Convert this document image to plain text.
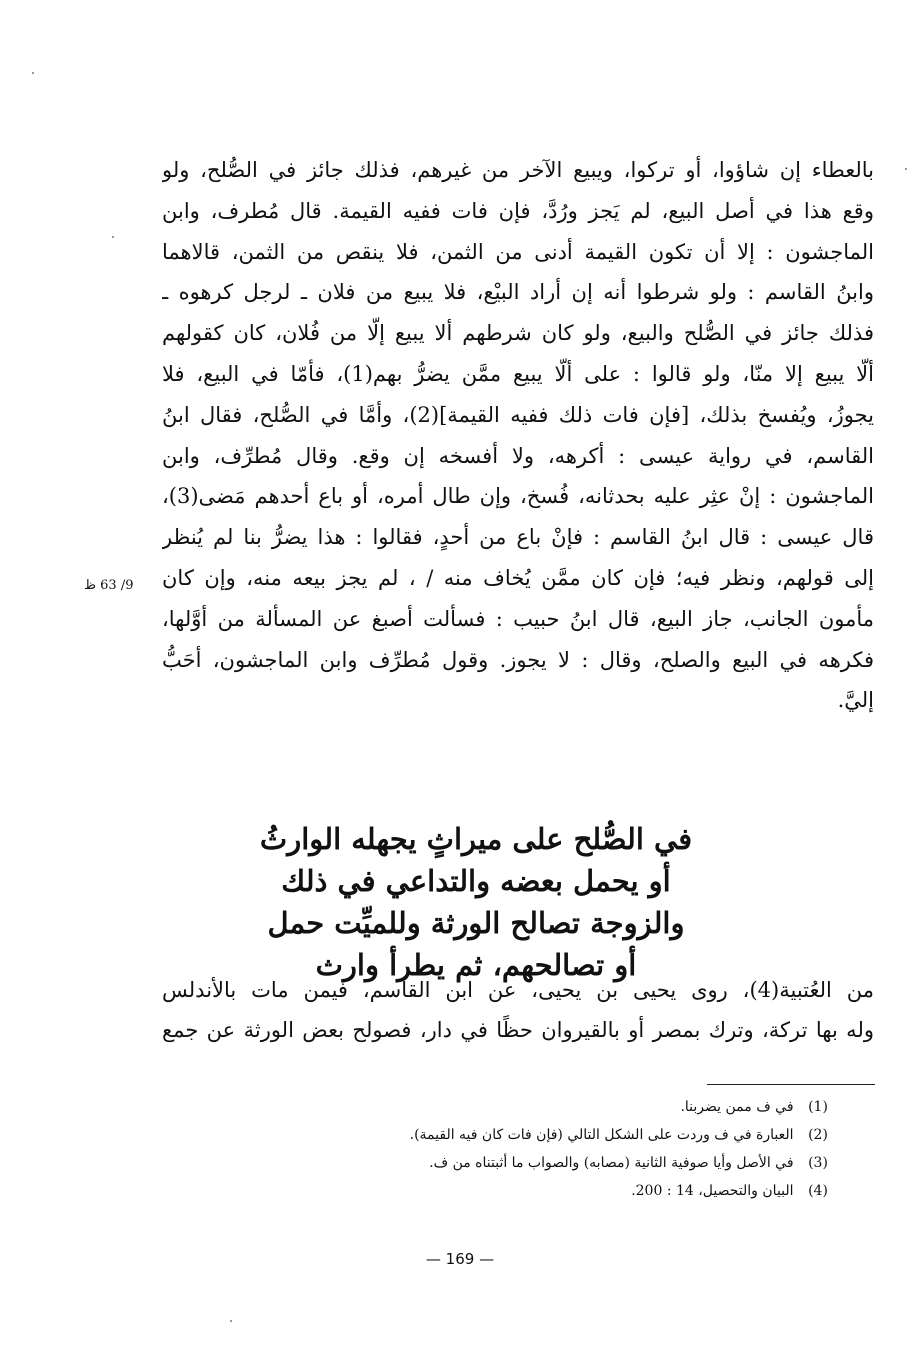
بالعطاء إن شاؤوا، أو تركوا، ويبيع الآخر من غيرهم، فذلك جائز في الصُّلح، ولو
وقع هذا في أصل البيع، لم يَجز ورُدَّ، فإن فات ففيه القيمة. قال مُطرف، وابن
الماجشون : إلا أن تكون القيمة أدنى من الثمن، فلا ينقص من الثمن، قالاهما
وابنُ القاسم : ولو شرطوا أنه إن أراد البيْع، فلا يبيع من فلان ـ لرجل كرهوه ـ
فذلك جائز في الصُّلح والبيع، ولو كان شرطهم ألا يبيع إلّا من فُلان، كان كقولهم
ألّا يبيع إلا منّا، ولو قالوا : على ألّا يبيع ممَّن يضرُّ بهم(1)، فأمّا في البيع، فلا
يجوزُ، ويُفسخ بذلك، [فإن فات ذلك ففيه القيمة](2)، وأمَّا في الصُّلح، فقال ابنُ
القاسم، في رواية عيسى : أكرهه، ولا أفسخه إن وقع. وقال مُطرِّف، وابن
الماجشون : إنْ عثِر عليه بحدثانه، فُسخ، وإن طال أمره، أو باع أحدهم مَضى(3)،
قال عيسى : قال ابنُ القاسم : فإنْ باع من أحدٍ، فقالوا : هذا يضرُّ بنا لم يُنظر
إلى قولهم، ونظر فيه؛ فإن كان ممَّن يُخاف منه / ، لم يجز بيعه منه، وإن كان
مأمون الجانب، جاز البيع، قال ابنُ حبيب : فسألت أصبغ عن المسألة من أوَّلها،
فكرهه في البيع والصلح، وقال : لا يجوز. وقول مُطرِّف وابن الماجشون، أحَبُّ
إليَّ.
9/ 63 ظ
في الصُّلح على ميراثٍ يجهله الوارثُ
أو يحمل بعضه والتداعي في ذلك
والزوجة تصالح الورثة وللميِّت حمل
أو تصالحهم، ثم يطرأ وارث
من العُتبية(4)، روى يحيى بن يحيى، عن ابن القاسم، فيمن مات بالأندلس
وله بها تركة، وترك بمصر أو بالقيروان حظًا في دار، فصولح بعض الورثة عن جمع
(1) في ف ممن يضربنا.
(2) العبارة في ف وردت على الشكل التالي (فإن فات كان فيه القيمة).
(3) في الأصل وأيا صوفية الثانية (مصابه) والصواب ما أثبتناه من ف.
(4) البيان والتحصيل، 14 : 200.
— 169 —
